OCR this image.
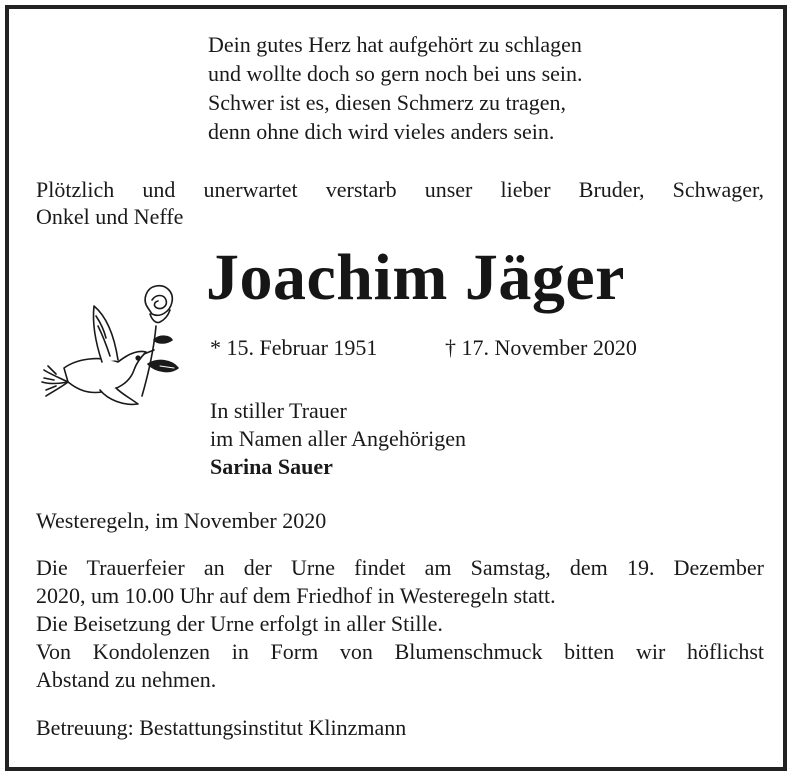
Dein gutes Herz hat aufgehört zu schlagen
und wollte doch so gern noch bei uns sein.
Schwer ist es, diesen Schmerz zu tragen,
denn ohne dich wird vieles anders sein.
Plötzlich und unerwartet verstarb unser lieber Bruder, Schwager,
Onkel und Neffe
Joachim Jäger
* 15. Februar 1951	† 17. November 2020
In stiller Trauer
im Namen aller Angehörigen
Sarina Sauer
Westeregeln, im November 2020
Die Trauerfeier an der Urne findet am Samstag, dem 19. Dezember
2020, um 10.00 Uhr auf dem Friedhof in Westeregeln statt.
Die Beisetzung der Urne erfolgt in aller Stille.
Von Kondolenzen in Form von Blumenschmuck bitten wir höflichst
Abstand zu nehmen.
Betreuung: Bestattungsinstitut Klinzmann
